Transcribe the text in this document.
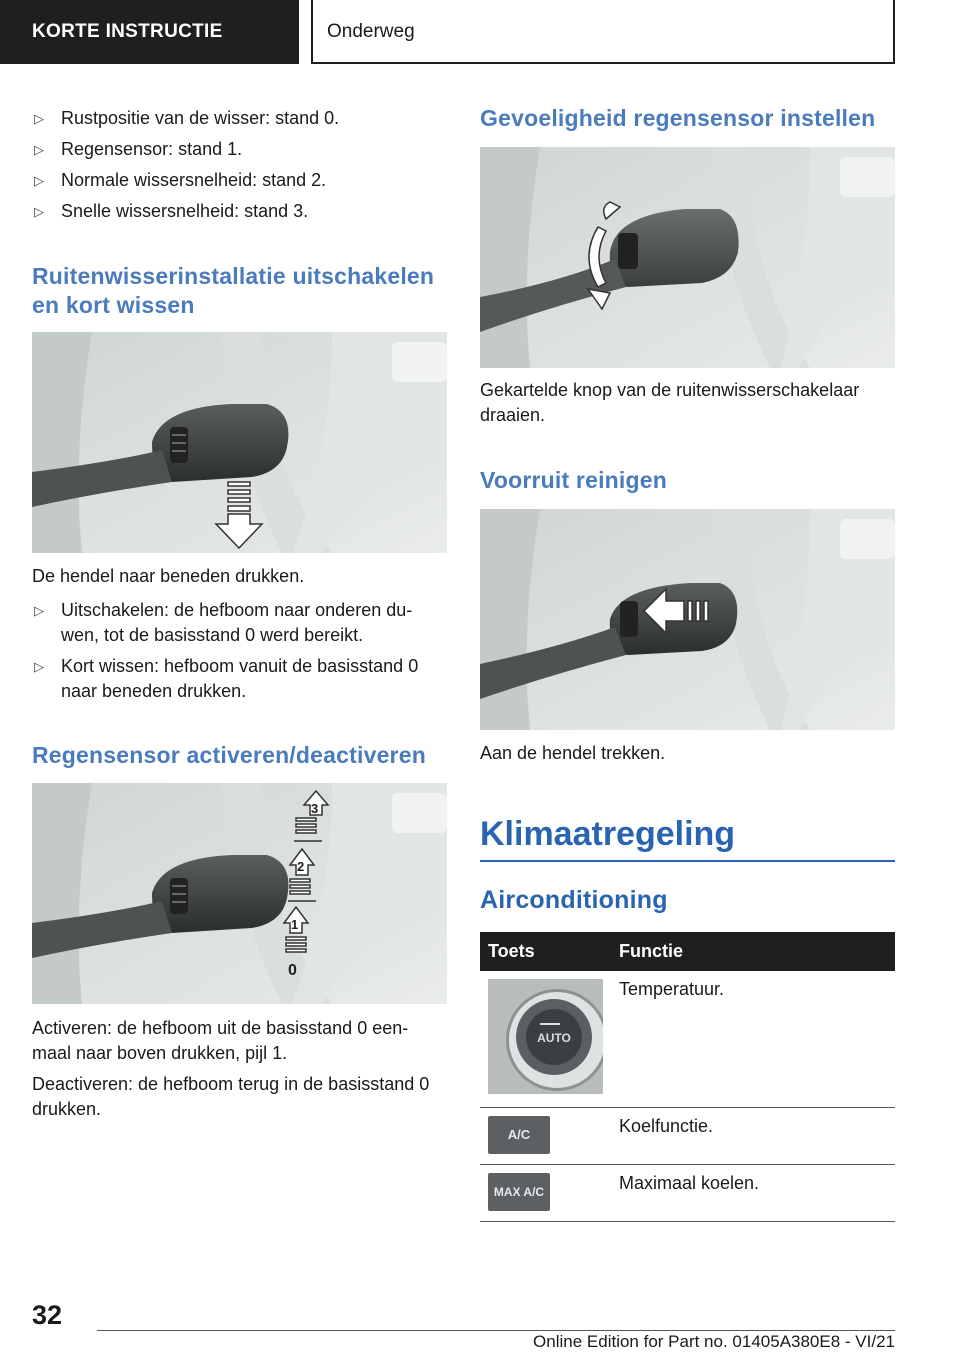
KORTE INSTRUCTIE	Onderweg

▷ Rustpositie van de wisser: stand 0.

▷ Regensensor: stand 1.

▷ Normale wissersnelheid: stand 2.

▷ Snelle wissersnelheid: stand 3.

Ruitenwisserinstallatie uitschakelen

en kort wissen

De hendel naar beneden drukken.

▷ Uitschakelen: de hefboom naar onderen du-wen, tot de basisstand 0 werd bereikt.

▷ Kort wissen: hefboom vanuit de basisstand 0 naar beneden drukken.

Regensensor activeren/deactiveren

3
2
1
0

Activeren: de hefboom uit de basisstand 0 een-maal naar boven drukken, pijl 1.

Deactiveren: de hefboom terug in de basisstand 0 drukken.

Gevoeligheid regensensor instellen

Gekartelde knop van de ruitenwisserschakelaar draaien.

Voorruit reinigen

Aan de hendel trekken.

Klimaatregeling

Airconditioning

Toets	Functie

AUTO	Temperatuur.

A/C	Koelfunctie.

MAX A/C	Maximaal koelen.
32
Online Edition for Part no. 01405A380E8 - VI/21
